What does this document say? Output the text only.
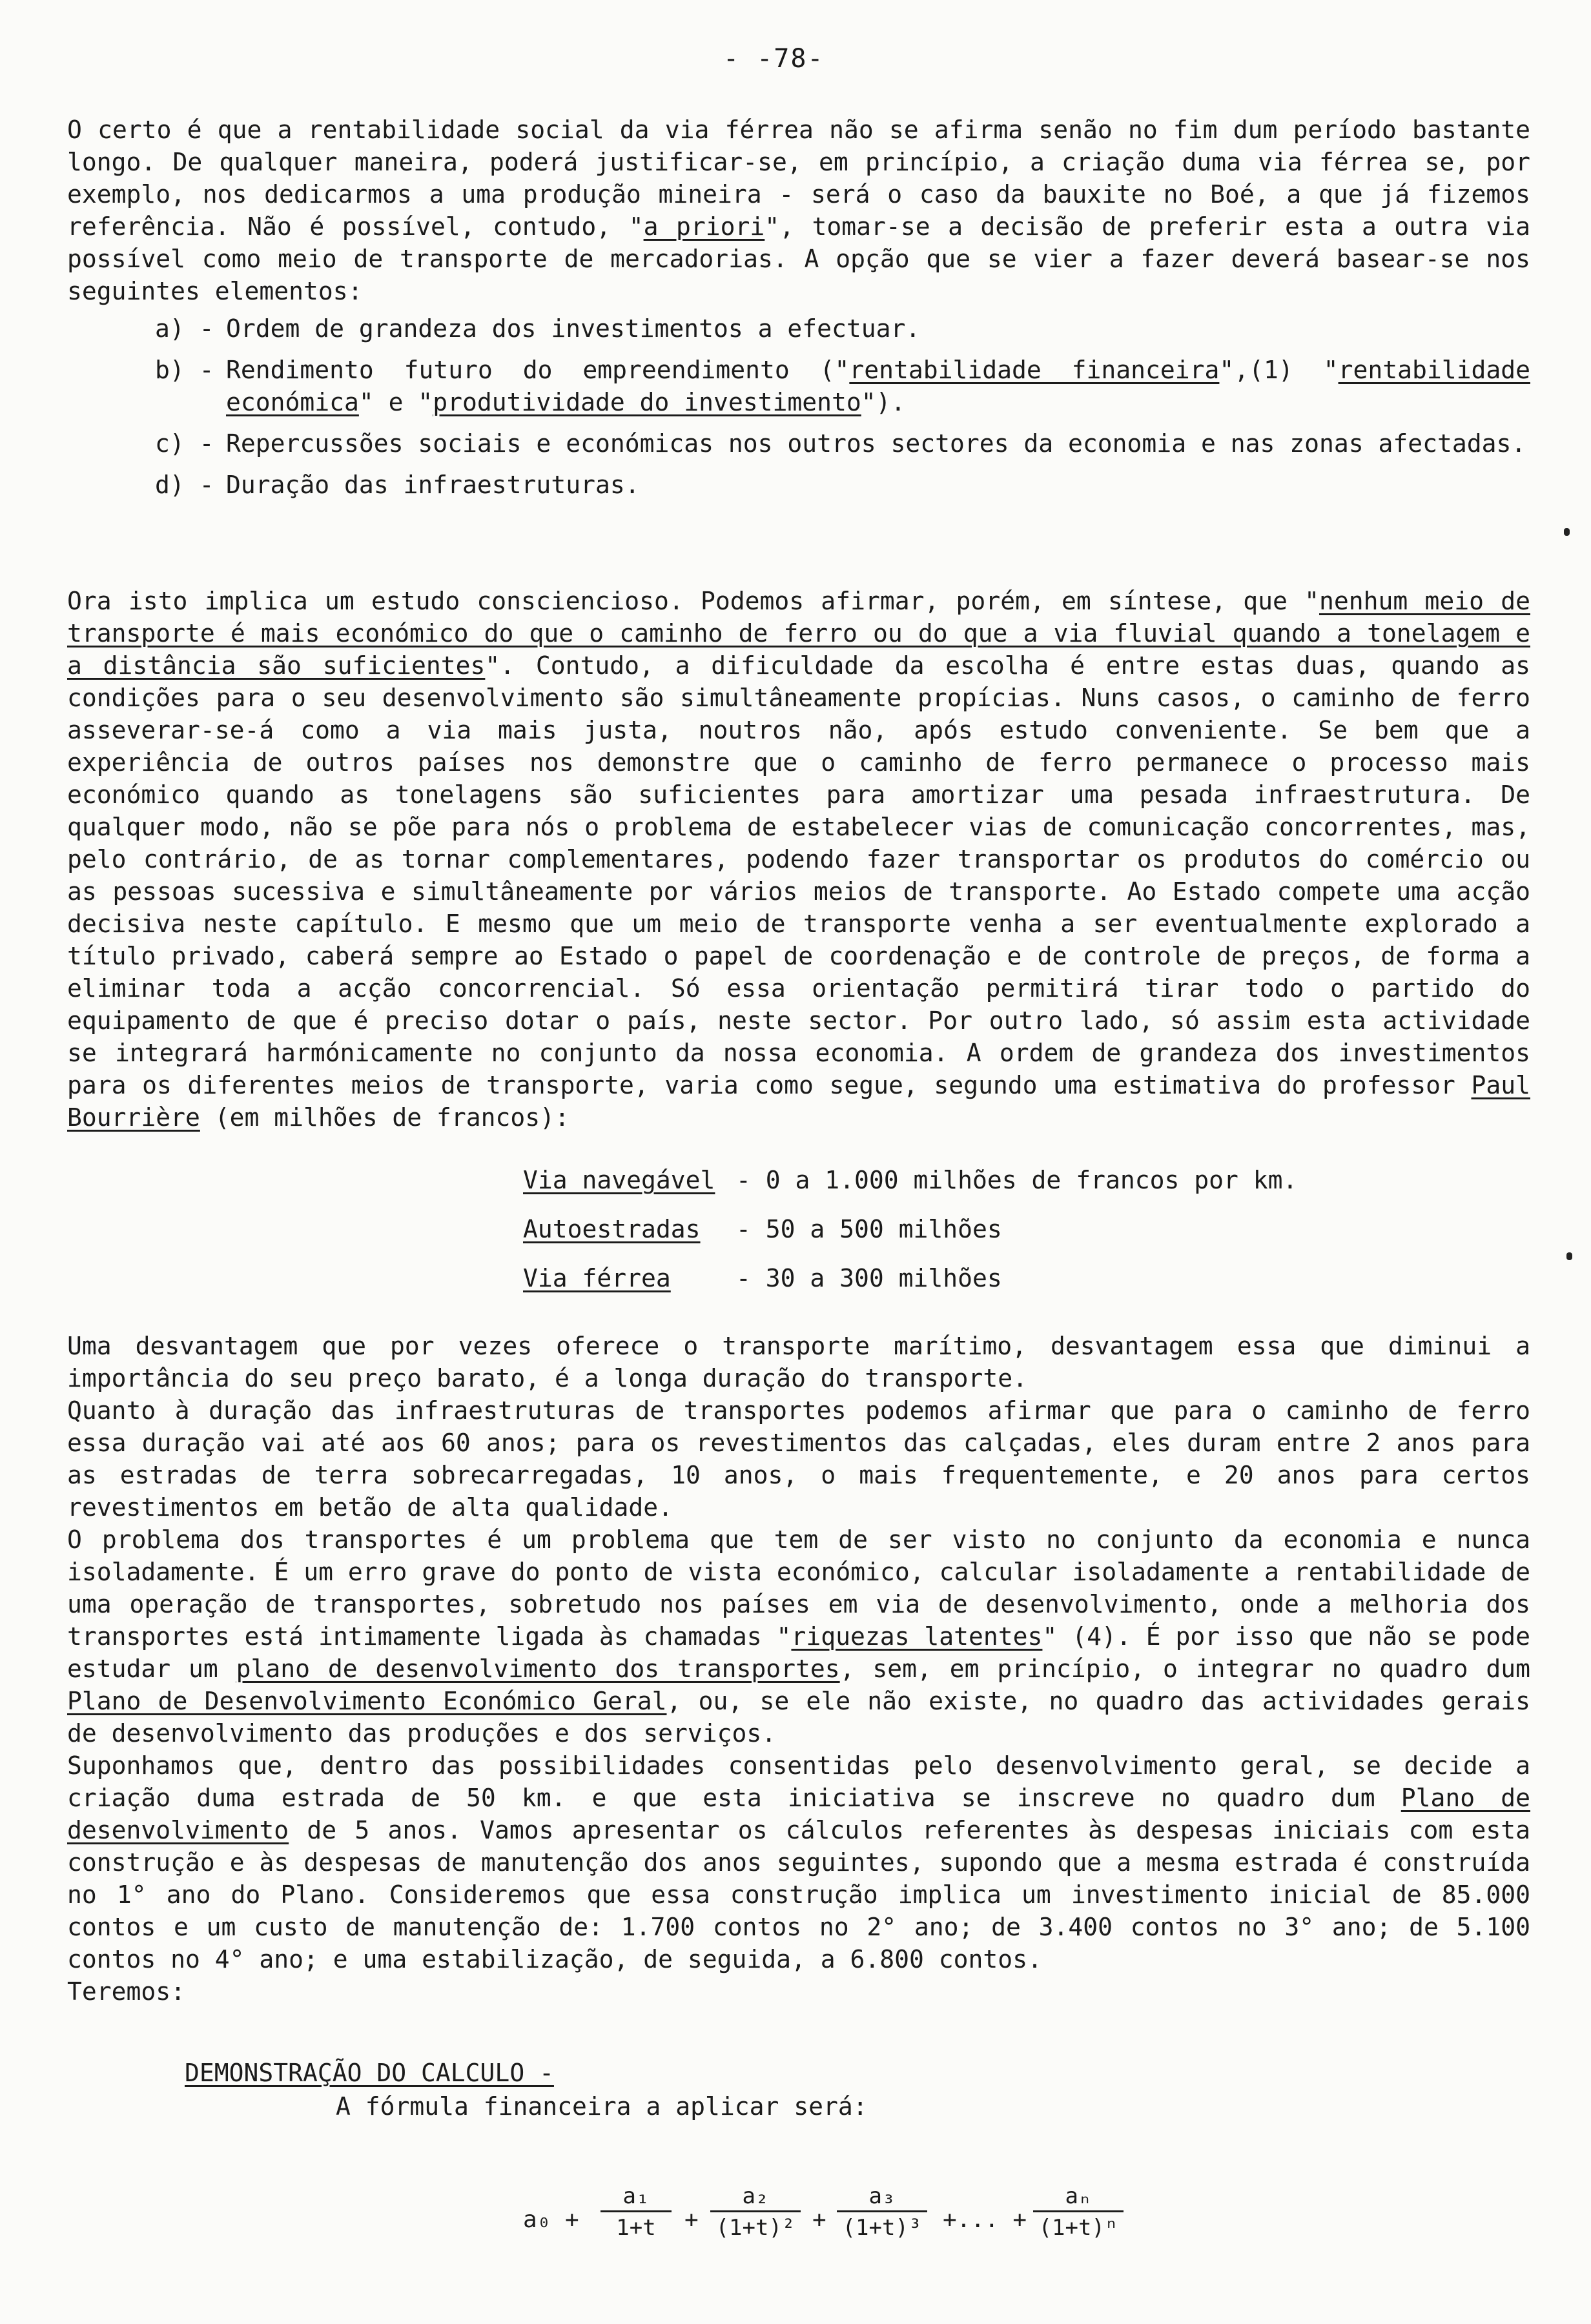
- -78-

O certo é que a rentabilidade social da via férrea não se afirma senão no fim dum período bastante longo. De qualquer maneira, poderá justificar-se, em princípio, a criação duma via férrea se, por exemplo, nos dedicarmos a uma produção mineira - será o caso da bauxite no Boé, a que já fizemos referência. Não é possível, contudo, "a priori", tomar-se a decisão de preferir esta a outra via possível como meio de transporte de mercadorias. A opção que se vier a fazer deverá basear-se nos seguintes elementos:

a) - Ordem de grandeza dos investimentos a efectuar.
b) - Rendimento futuro do empreendimento ("rentabilidade financeira",(1) "rentabilidade económica" e "produtividade do investimento").
c) - Repercussões sociais e económicas nos outros sectores da economia e nas zonas afectadas.
d) - Duração das infraestruturas.

Ora isto implica um estudo consciencioso. Podemos afirmar, porém, em síntese, que "nenhum meio de transporte é mais económico do que o caminho de ferro ou do que a via fluvial quando a tonelagem e a distância são suficientes". Contudo, a dificuldade da escolha é entre estas duas, quando as condições para o seu desenvolvimento são simultâneamente propícias. Nuns casos, o caminho de ferro asseverar-se-á como a via mais justa, noutros não, após estudo conveniente. Se bem que a experiência de outros países nos demonstre que o caminho de ferro permanece o processo mais económico quando as tonelagens são suficientes para amortizar uma pesada infraestrutura. De qualquer modo, não se põe para nós o problema de estabelecer vias de comunicação concorrentes, mas, pelo contrário, de as tornar complementares, podendo fazer transportar os produtos do comércio ou as pessoas sucessiva e simultâneamente por vários meios de transporte. Ao Estado compete uma acção decisiva neste capítulo. E mesmo que um meio de transporte venha a ser eventualmente explorado a título privado, caberá sempre ao Estado o papel de coordenação e de controle de preços, de forma a eliminar toda a acção concorrencial. Só essa orientação permitirá tirar todo o partido do equipamento de que é preciso dotar o país, neste sector. Por outro lado, só assim esta actividade se integrará harmónicamente no conjunto da nossa economia. A ordem de grandeza dos investimentos para os diferentes meios de transporte, varia como segue, segundo uma estimativa do professor Paul Bourrière (em milhões de francos):

Via navegável - 0 a 1.000 milhões de francos por km.
Autoestradas	- 50 a 500 milhões
Via férrea	- 30 a 300 milhões

Uma desvantagem que por vezes oferece o transporte marítimo, desvantagem essa que diminui a importância do seu preço barato, é a longa duração do transporte.

Quanto à duração das infraestruturas de transportes podemos afirmar que para o caminho de ferro essa duração vai até aos 60 anos; para os revestimentos das calçadas, eles duram entre 2 anos para as estradas de terra sobrecarregadas, 10 anos, o mais frequentemente, e 20 anos para certos revestimentos em betão de alta qualidade.

O problema dos transportes é um problema que tem de ser visto no conjunto da economia e nunca isoladamente. É um erro grave do ponto de vista económico, calcular isoladamente a rentabilidade de uma operação de transportes, sobretudo nos países em via de desenvolvimento, onde a melhoria dos transportes está intimamente ligada às chamadas "riquezas latentes" (4). É por isso que não se pode estudar um plano de desenvolvimento dos transportes, sem, em princípio, o integrar no quadro dum Plano de Desenvolvimento Económico Geral, ou, se ele não existe, no quadro das actividades gerais de desenvolvimento das produções e dos serviços.

Suponhamos que, dentro das possibilidades consentidas pelo desenvolvimento geral, se decide a criação duma estrada de 50 km. e que esta iniciativa se inscreve no quadro dum Plano de desenvolvimento de 5 anos. Vamos apresentar os cálculos referentes às despesas iniciais com esta construção e às despesas de manutenção dos anos seguintes, supondo que a mesma estrada é construída no 1° ano do Plano. Consideremos que essa construção implica um investimento inicial de 85.000 contos e um custo de manutenção de: 1.700 contos no 2° ano; de 3.400 contos no 3° ano; de 5.100 contos no 4° ano; e uma estabilização, de seguida, a 6.800 contos.

Teremos:

DEMONSTRAÇÃO DO CALCULO -
A fórmula financeira a aplicar será:
$a_0 + \frac{\text{a₁}}{1+t} + \frac{\text{a₂}}{\text{(1+t)²}} + \frac{\text{a₃}}{\text{(1+t)³}}$ +... + $\frac{\text{aₙ}}{\text{(1+t)ⁿ}}$
